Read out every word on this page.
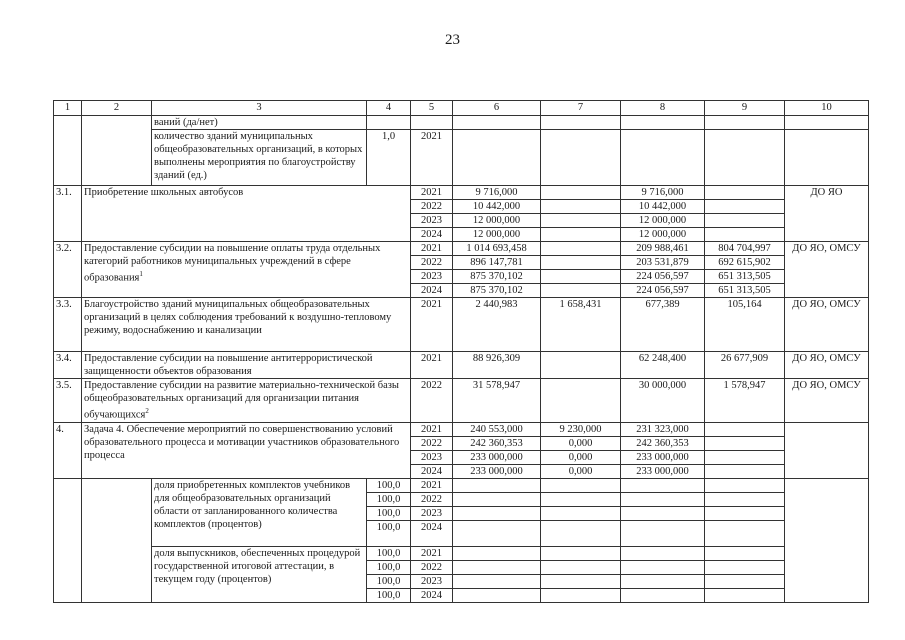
23
1	2	3	4	5	6	7	8	9	10
		ваний (да/нет)							
		количество зданий муниципальных общеобразовательных организаций, в которых выполнены мероприятия по благоустройству зданий (ед.)	1,0	2021					
3.1.	Приобретение школьных автобусов			2021	9 716,000		9 716,000		ДО ЯО
				2022	10 442,000		10 442,000		
				2023	12 000,000		12 000,000		
				2024	12 000,000		12 000,000		
3.2.	Предоставление субсидии на повышение оплаты труда отдельных категорий работников муниципальных учреждений в сфере образования$^1$			2021	1 014 693,458		209 988,461	804 704,997	ДО ЯО, ОМСУ
				2022	896 147,781		203 531,879	692 615,902	
				2023	875 370,102		224 056,597	651 313,505	
				2024	875 370,102		224 056,597	651 313,505	
3.3.	Благоустройство зданий муниципальных общеобразовательных организаций в целях соблюдения требований к воздушно-тепловому режиму, водоснабжению и канализации			2021	2 440,983	1 658,431	677,389	105,164	ДО ЯО, ОМСУ
3.4.	Предоставление субсидии на повышение антитеррористической защищенности объектов образования			2021	88 926,309		62 248,400	26 677,909	ДО ЯО, ОМСУ
3.5.	Предоставление субсидии на развитие материально-технической базы общеобразовательных организаций для организации питания обучающихся$^2$			2022	31 578,947		30 000,000	1 578,947	ДО ЯО, ОМСУ
4.	Задача 4. Обеспечение мероприятий по совершенствованию условий образовательного процесса и мотивации участников образовательного процесса			2021	240 553,000	9 230,000	231 323,000		
				2022	242 360,353	0,000	242 360,353		
				2023	233 000,000	0,000	233 000,000		
				2024	233 000,000	0,000	233 000,000		
		доля приобретенных комплектов учебников для общеобразовательных организаций области от запланированного количества комплектов (процентов)	100,0	2021					
			100,0	2022					
			100,0	2023					
			100,0	2024					
		доля выпускников, обеспеченных процедурой государственной итоговой аттестации, в текущем году (процентов)	100,0	2021					
			100,0	2022					
			100,0	2023					
			100,0	2024					
